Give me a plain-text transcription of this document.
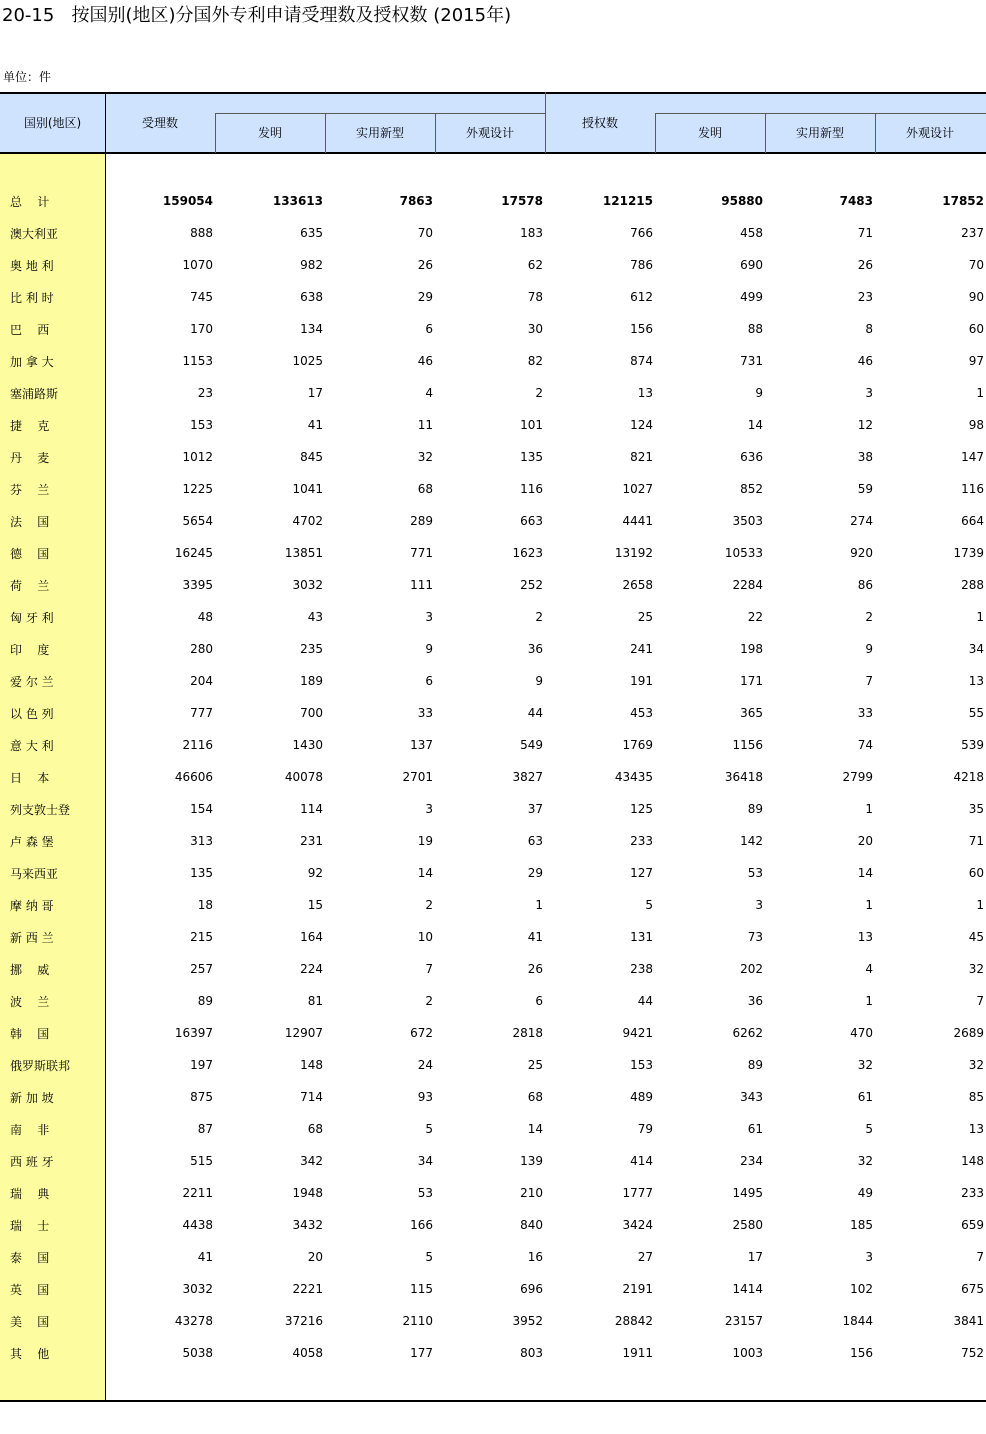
20-15   按国别(地区)分国外专利申请受理数及授权数 (2015年)
单位：件
国别(地区)	受理数
发明	实用新型	外观设计
授权数
发明	实用新型	外观设计
总    计	159054	133613	7863	17578	121215	95880	7483	17852
澳大利亚	888	635	70	183	766	458	71	237
奥 地 利	1070	982	26	62	786	690	26	70
比 利 时	745	638	29	78	612	499	23	90
巴    西	170	134	6	30	156	88	8	60
加 拿 大	1153	1025	46	82	874	731	46	97
塞浦路斯	23	17	4	2	13	9	3	1
捷    克	153	41	11	101	124	14	12	98
丹    麦	1012	845	32	135	821	636	38	147
芬    兰	1225	1041	68	116	1027	852	59	116
法    国	5654	4702	289	663	4441	3503	274	664
德    国	16245	13851	771	1623	13192	10533	920	1739
荷    兰	3395	3032	111	252	2658	2284	86	288
匈 牙 利	48	43	3	2	25	22	2	1
印    度	280	235	9	36	241	198	9	34
爱 尔 兰	204	189	6	9	191	171	7	13
以 色 列	777	700	33	44	453	365	33	55
意 大 利	2116	1430	137	549	1769	1156	74	539
日    本	46606	40078	2701	3827	43435	36418	2799	4218
列支敦士登	154	114	3	37	125	89	1	35
卢 森 堡	313	231	19	63	233	142	20	71
马来西亚	135	92	14	29	127	53	14	60
摩 纳 哥	18	15	2	1	5	3	1	1
新 西 兰	215	164	10	41	131	73	13	45
挪    威	257	224	7	26	238	202	4	32
波    兰	89	81	2	6	44	36	1	7
韩    国	16397	12907	672	2818	9421	6262	470	2689
俄罗斯联邦	197	148	24	25	153	89	32	32
新 加 坡	875	714	93	68	489	343	61	85
南    非	87	68	5	14	79	61	5	13
西 班 牙	515	342	34	139	414	234	32	148
瑞    典	2211	1948	53	210	1777	1495	49	233
瑞    士	4438	3432	166	840	3424	2580	185	659
泰    国	41	20	5	16	27	17	3	7
英    国	3032	2221	115	696	2191	1414	102	675
美    国	43278	37216	2110	3952	28842	23157	1844	3841
其    他	5038	4058	177	803	1911	1003	156	752
